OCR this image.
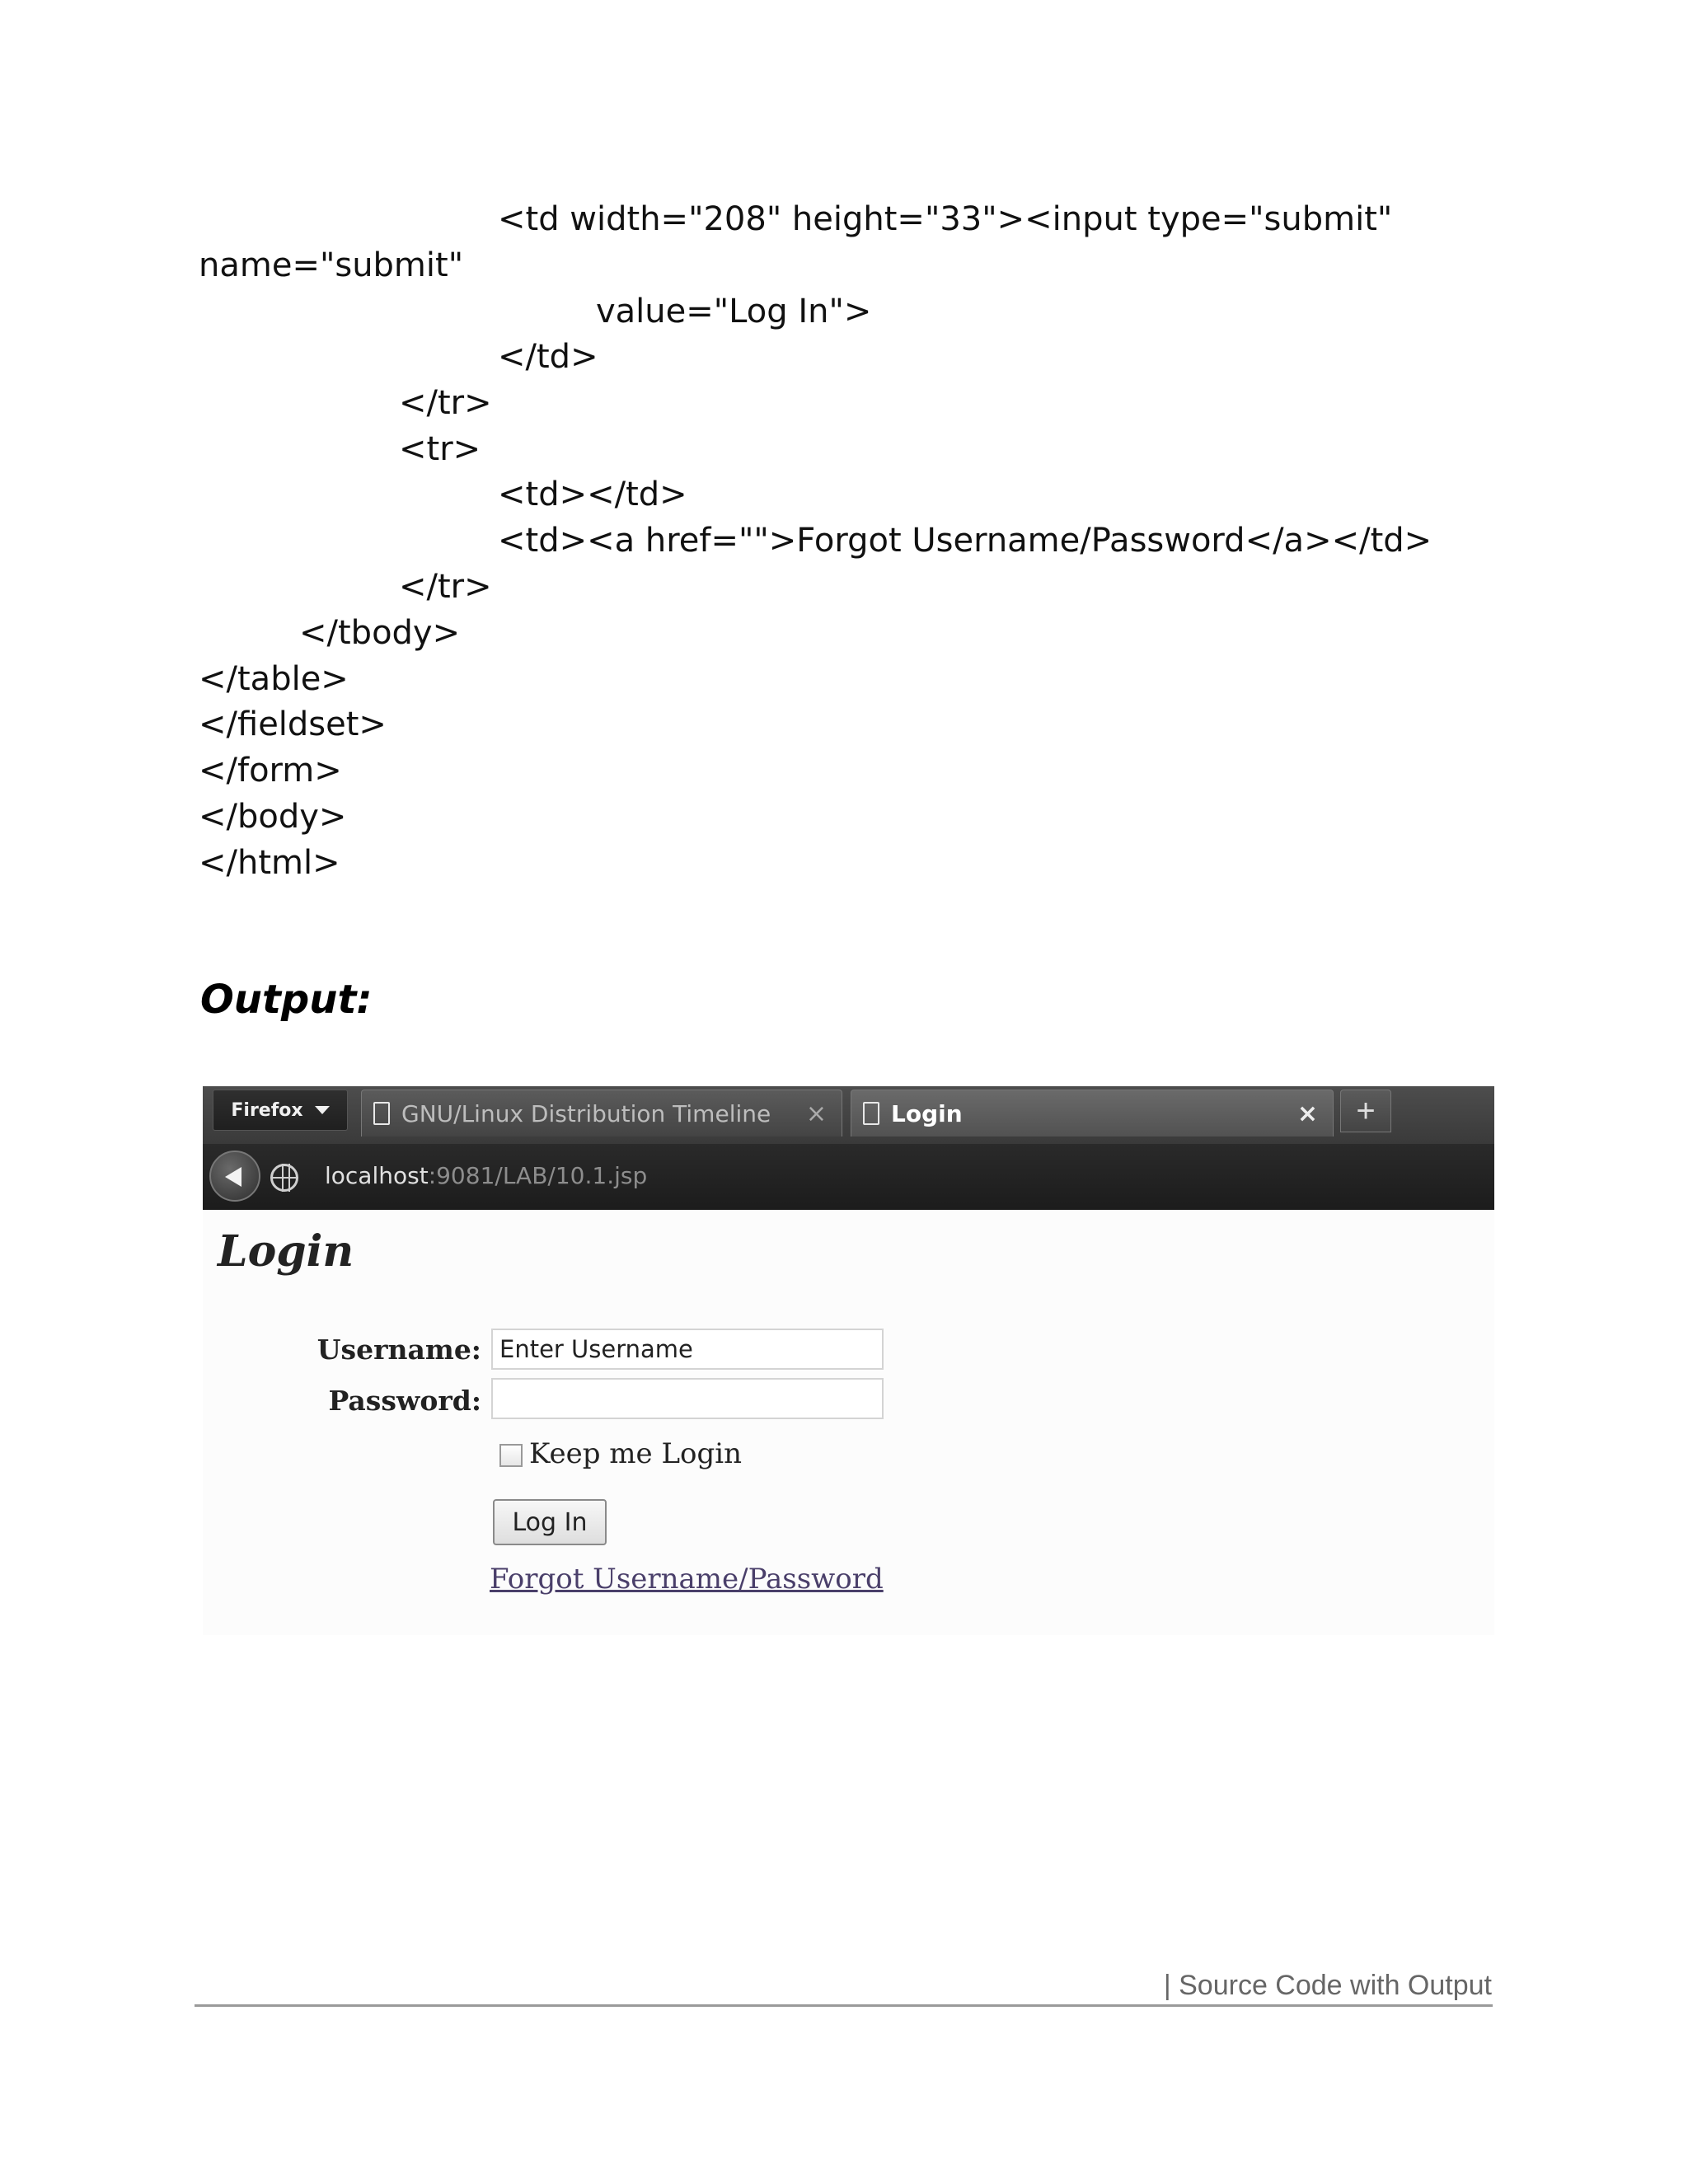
<td width="208" height="33"><input type="submit"
name="submit"
value="Log In">
</td>
</tr>
<tr>
<td></td>
<td><a href="">Forgot Username/Password</a></td>
</tr>
</tbody>
</table>
</fieldset>
</form>
</body>
</html>
Output:
Firefox	GNU/Linux Distribution Timeline	×	Login	×	+
localhost:9081/LAB/10.1.jsp
Login
Username: Enter Username
Password:
Keep me Login
Log In
Forgot Username/Password
| Source Code with Output
